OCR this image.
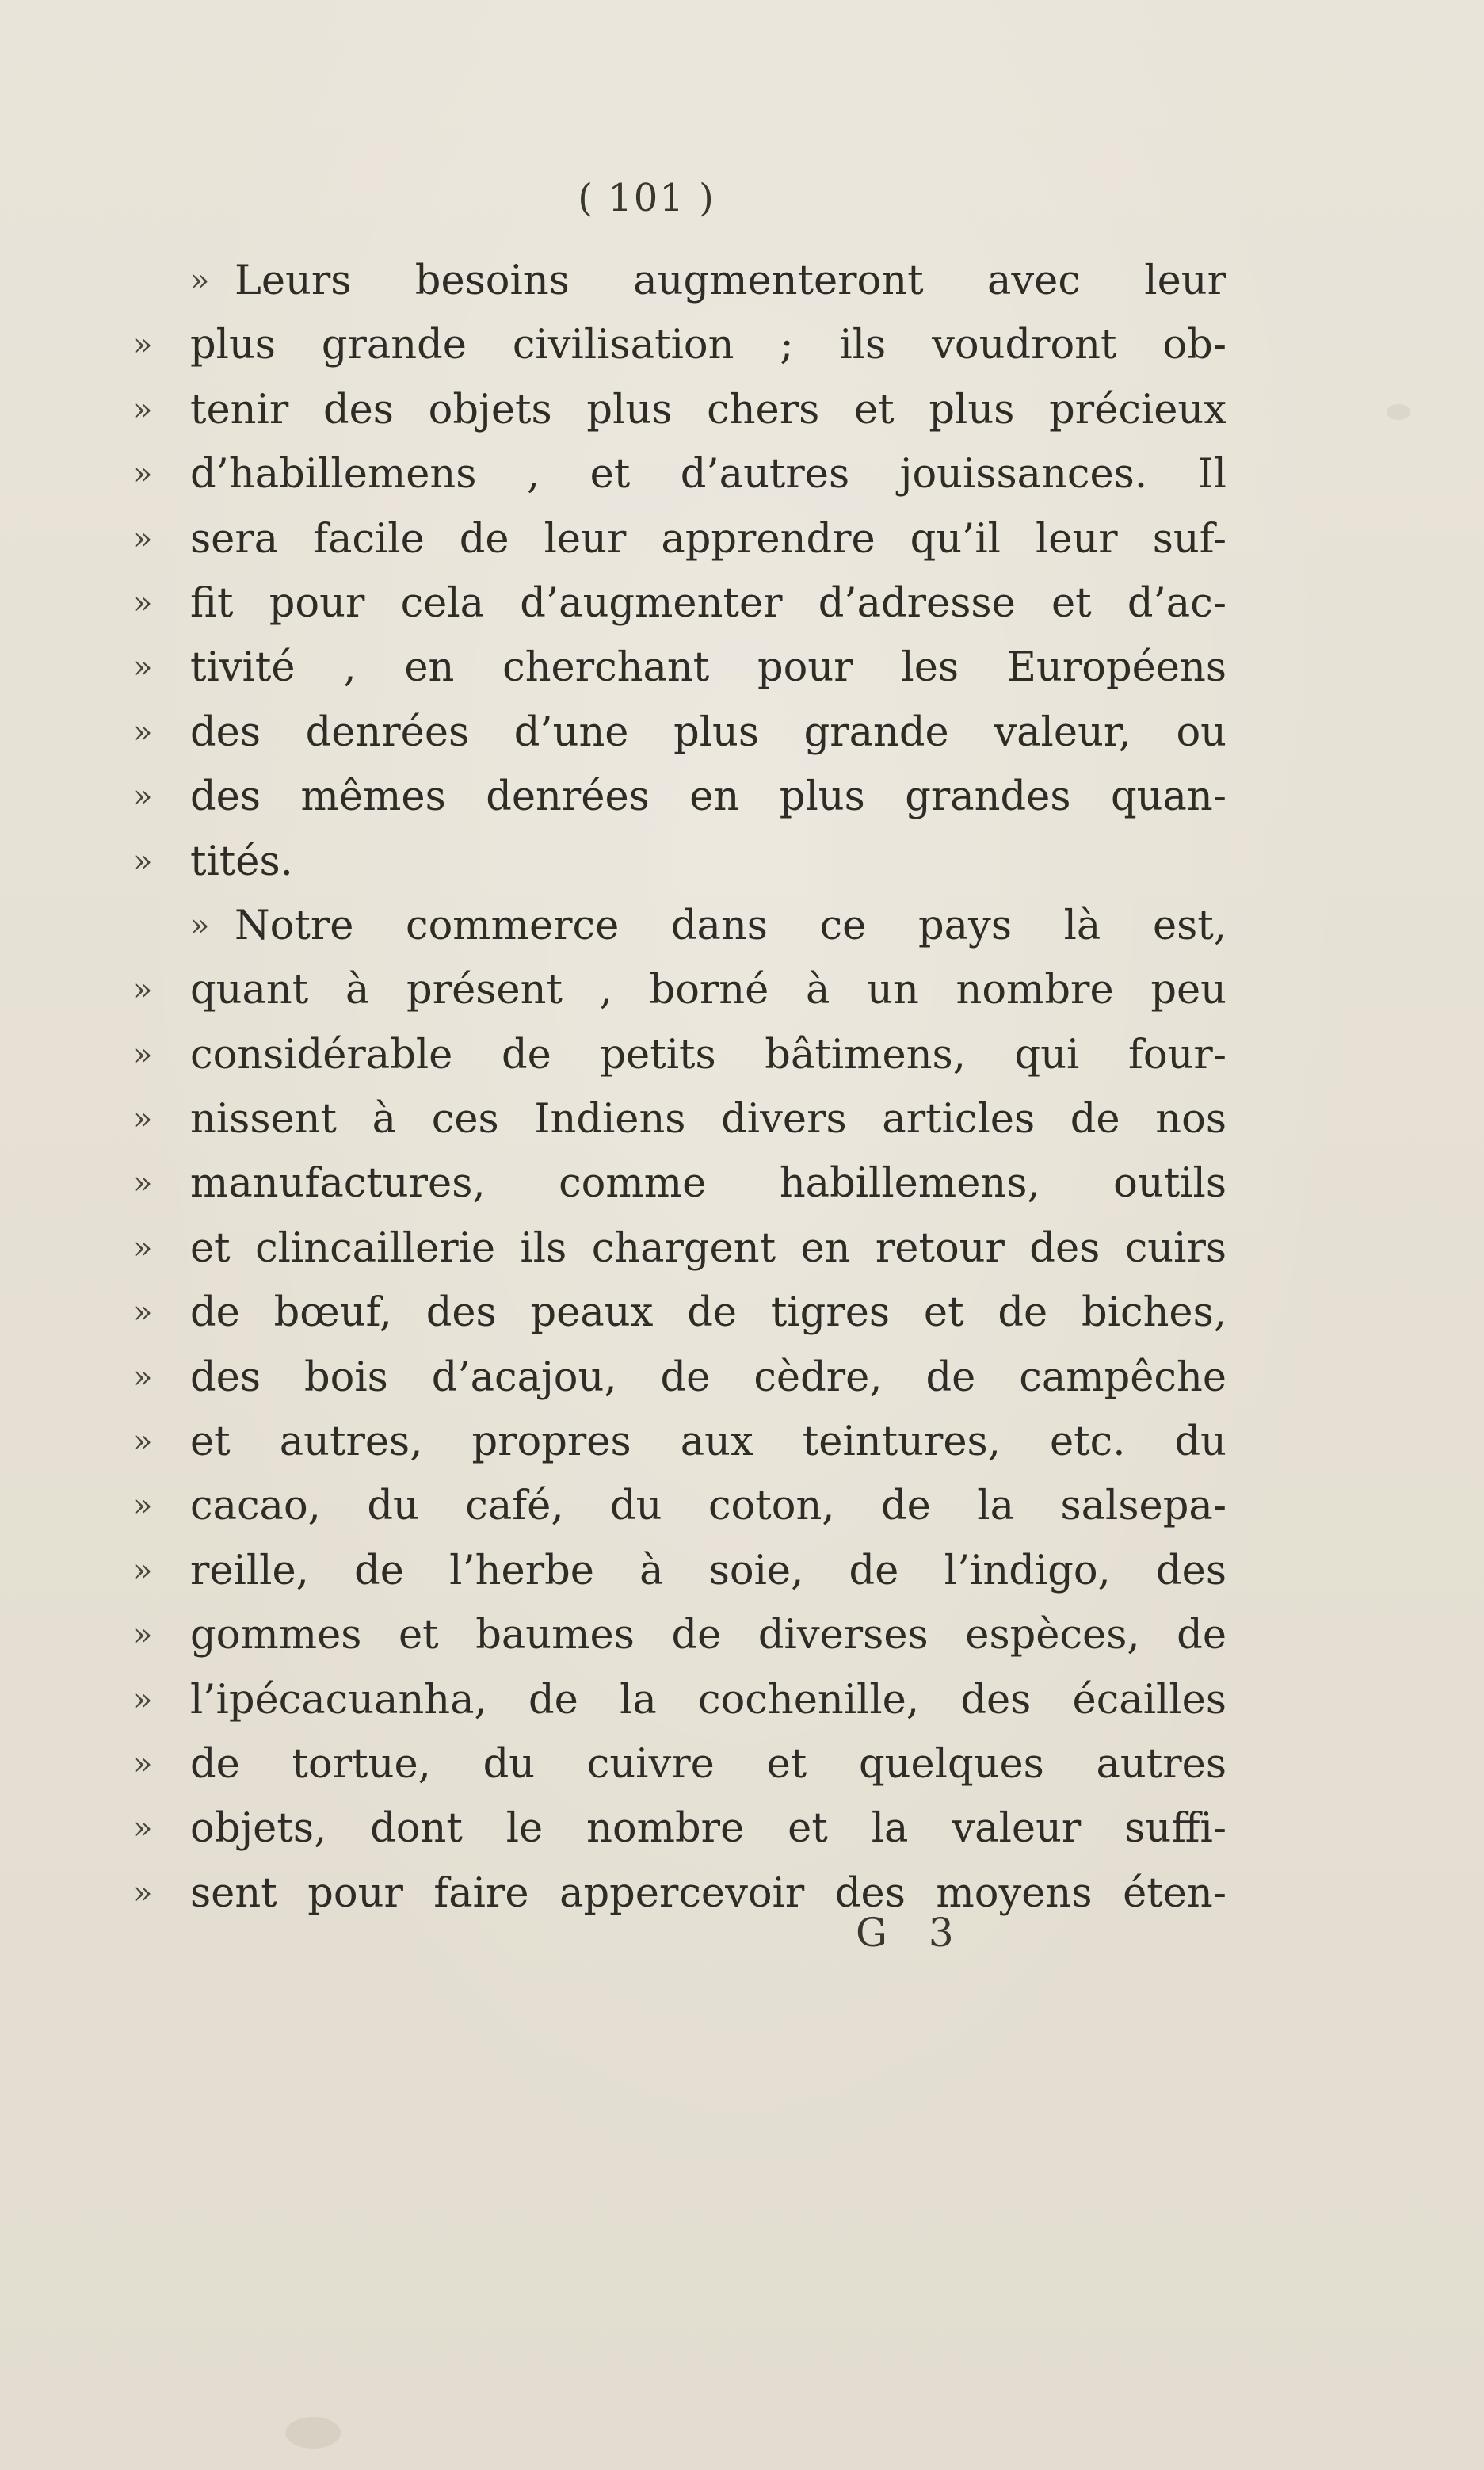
( 101 )
» Leurs besoins augmenteront avec leur
» plus grande civilisation ; ils voudront ob-
» tenir des objets plus chers et plus précieux
» d’habillemens , et d’autres jouissances. Il
» sera facile de leur apprendre qu’il leur suf-
» fit pour cela d’augmenter d’adresse et d’ac-
» tivité , en cherchant pour les Européens
» des denrées d’une plus grande valeur, ou
» des mêmes denrées en plus grandes quan-
» tités.
» Notre commerce dans ce pays là est,
» quant à présent , borné à un nombre peu
» considérable de petits bâtimens, qui four-
» nissent à ces Indiens divers articles de nos
» manufactures, comme habillemens, outils
» et clincaillerie ils chargent en retour des cuirs
» de bœuf, des peaux de tigres et de biches,
» des bois d’acajou, de cèdre, de campêche
» et autres, propres aux teintures, etc. du
» cacao, du café, du coton, de la salsepa-
» reille, de l’herbe à soie, de l’indigo, des
» gommes et baumes de diverses espèces, de
» l’ipécacuanha, de la cochenille, des écailles
» de tortue, du cuivre et quelques autres
» objets, dont le nombre et la valeur suffi-
» sent pour faire appercevoir des moyens éten-
G 3
